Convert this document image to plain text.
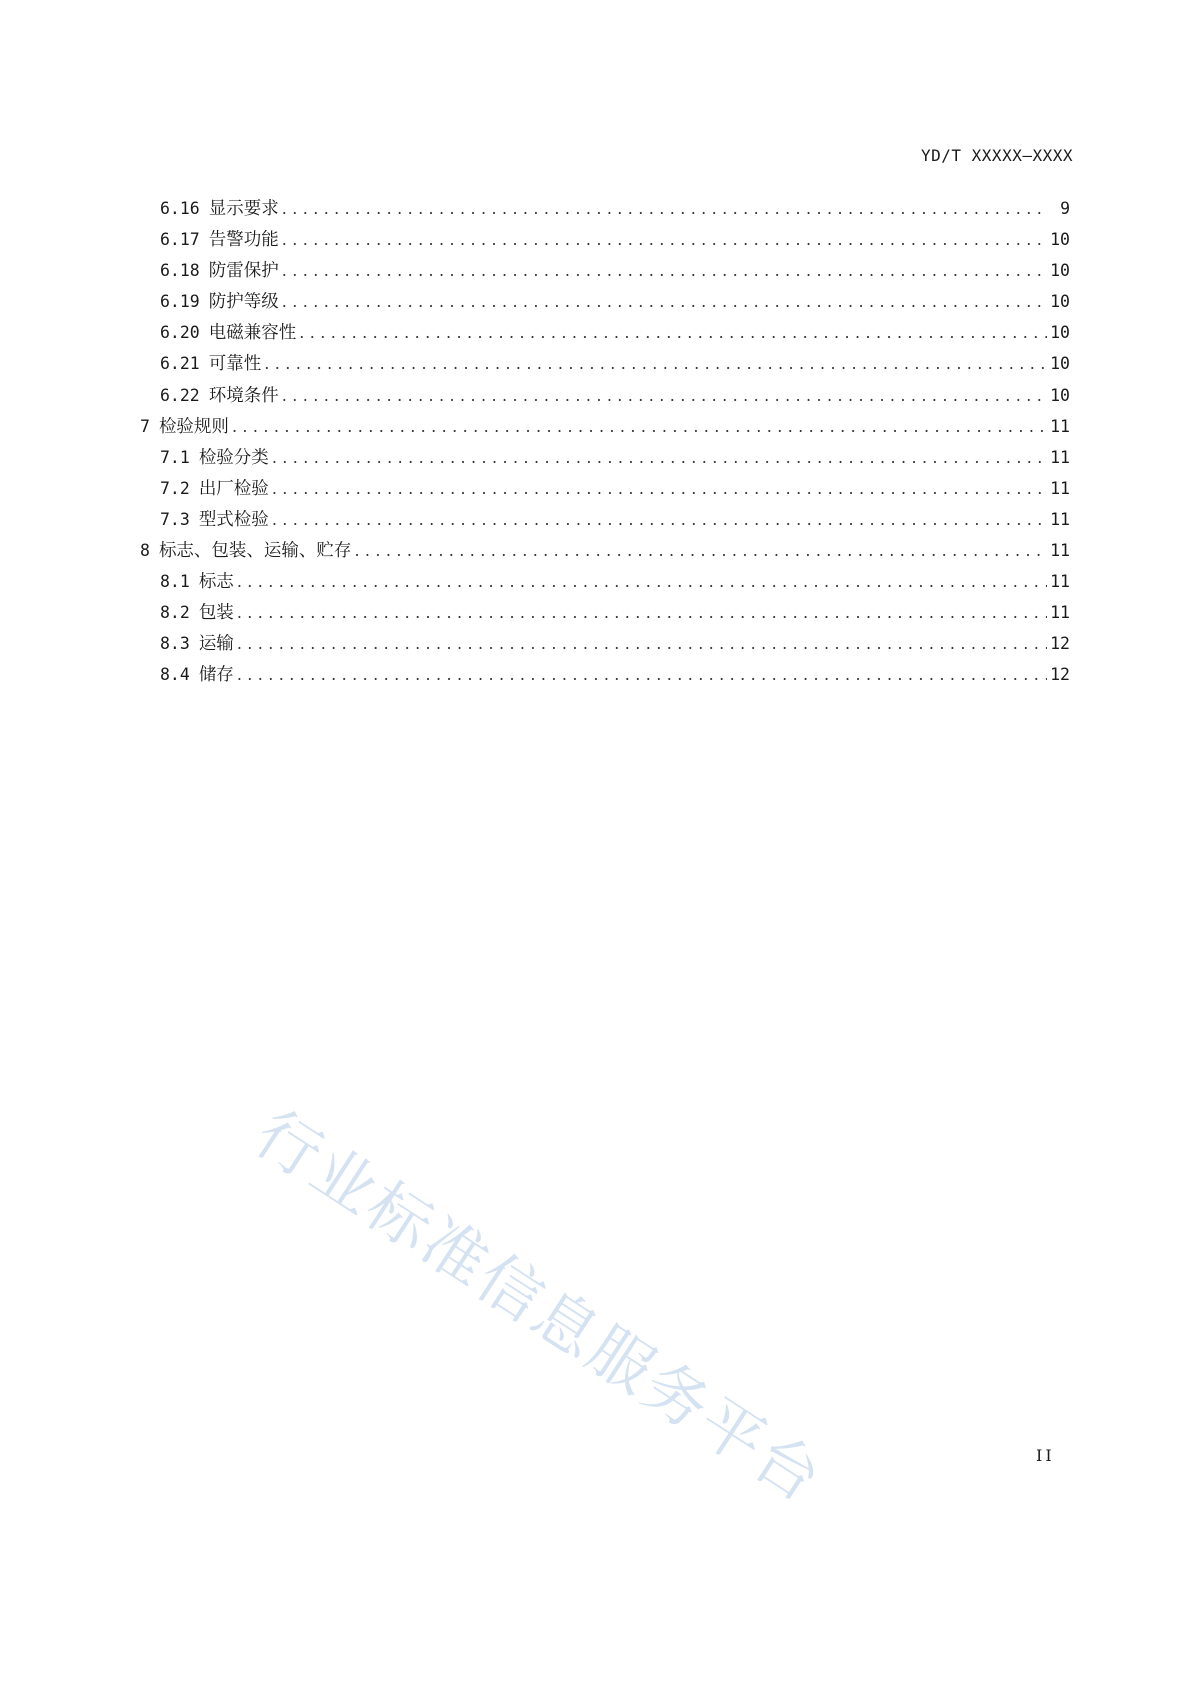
YD/T XXXXX—XXXX
6.16 显示要求 .....	9
6.17 告警功能 .....	10
6.18 防雷保护 .....	10
6.19 防护等级 .....	10
6.20 电磁兼容性 .....	10
6.21 可靠性 .....	10
6.22 环境条件 .....	10
7 检验规则 .....	11
7.1 检验分类 .....	11
7.2 出厂检验 .....	11
7.3 型式检验 .....	11
8 标志、包装、运输、贮存 .....	11
8.1 标志 .....	11
8.2 包装 .....	11
8.3 运输 .....	12
8.4 储存 .....	12
行业标准信息服务平台	II
